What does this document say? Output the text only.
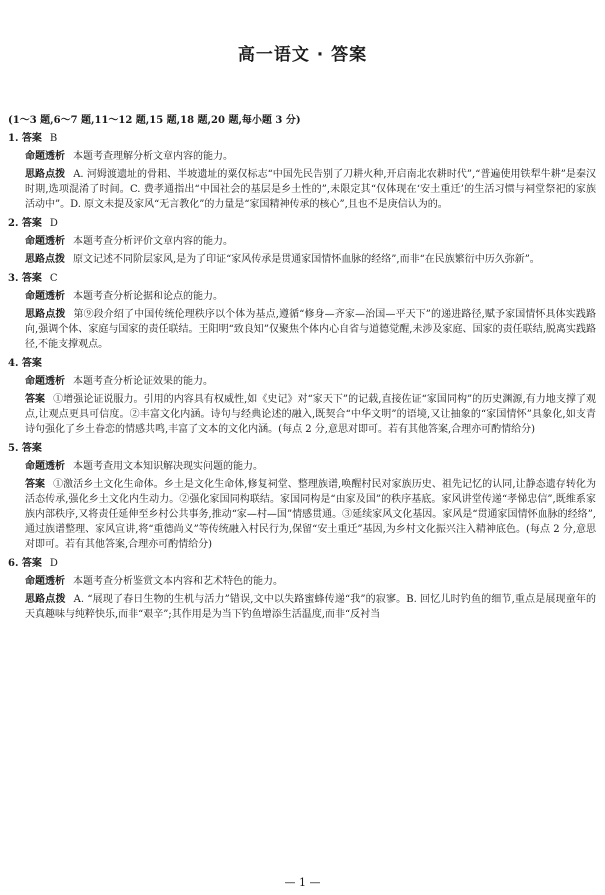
高一语文 · 答案
(1～3 题,6～7 题,11～12 题,15 题,18 题,20 题,每小题 3 分)
1. 答案 B
命题透析 本题考查理解分析文章内容的能力。
思路点拨 A. 河姆渡遗址的骨耜、半坡遗址的粟仅标志“中国先民告别了刀耕火种,开启南北农耕时代”,“普遍使用铁犁牛耕”是秦汉时期,选项混淆了时间。C. 费孝通指出“中国社会的基层是乡土性的”,未限定其“仅体现在‘安土重迁’的生活习惯与祠堂祭祀的家族活动中”。D. 原文未提及家风“无言教化”的力量是“家国精神传承的核心”,且也不是庚信认为的。
2. 答案 D
命题透析 本题考查分析评价文章内容的能力。
思路点拨 原文记述不同阶层家风,是为了印证“家风传承是贯通家国情怀血脉的经络”,而非“在民族繁衍中历久弥新”。
3. 答案 C
命题透析 本题考查分析论据和论点的能力。
思路点拨 第⑨段介绍了中国传统伦理秩序以个体为基点,遵循“修身—齐家—治国—平天下”的递进路径,赋予家国情怀具体实践路向,强调个体、家庭与国家的责任联结。王阳明“致良知”仅聚焦个体内心自省与道德觉醒,未涉及家庭、国家的责任联结,脱离实践路径,不能支撑观点。
4. 答案
命题透析 本题考查分析论证效果的能力。
答案 ①增强论证说服力。引用的内容具有权威性,如《史记》对“家天下”的记载,直接佐证“家国同构”的历史渊源,有力地支撑了观点,让观点更具可信度。②丰富文化内涵。诗句与经典论述的融入,既契合“中华文明”的语境,又让抽象的“家国情怀”具象化,如支青诗句强化了乡土眷恋的情感共鸣,丰富了文本的文化内涵。(每点 2 分,意思对即可。若有其他答案,合理亦可酌情给分)
5. 答案
命题透析 本题考查用文本知识解决现实问题的能力。
答案 ①激活乡土文化生命体。乡土是文化生命体,修复祠堂、整理族谱,唤醒村民对家族历史、祖先记忆的认同,让静态遗存转化为活态传承,强化乡土文化内生动力。②强化家国同构联结。家国同构是“由家及国”的秩序基底。家风讲堂传递“孝悌忠信”,既维系家族内部秩序,又将责任延伸至乡村公共事务,推动“家—村—国”情感贯通。③延续家风文化基因。家风是“贯通家国情怀血脉的经络”,通过族谱整理、家风宣讲,将“重德尚义”等传统融入村民行为,保留“安土重迁”基因,为乡村文化振兴注入精神底色。(每点 2 分,意思对即可。若有其他答案,合理亦可酌情给分)
6. 答案 D
命题透析 本题考查分析鉴赏文本内容和艺术特色的能力。
思路点拨 A. “展现了春日生物的生机与活力”错误,文中以失路蜜蜂传递“我”的寂寥。B. 回忆儿时钓鱼的细节,重点是展现童年的天真趣味与纯粹快乐,而非“艰辛”;其作用是为当下钓鱼增添生活温度,而非“反衬当
— 1 —
